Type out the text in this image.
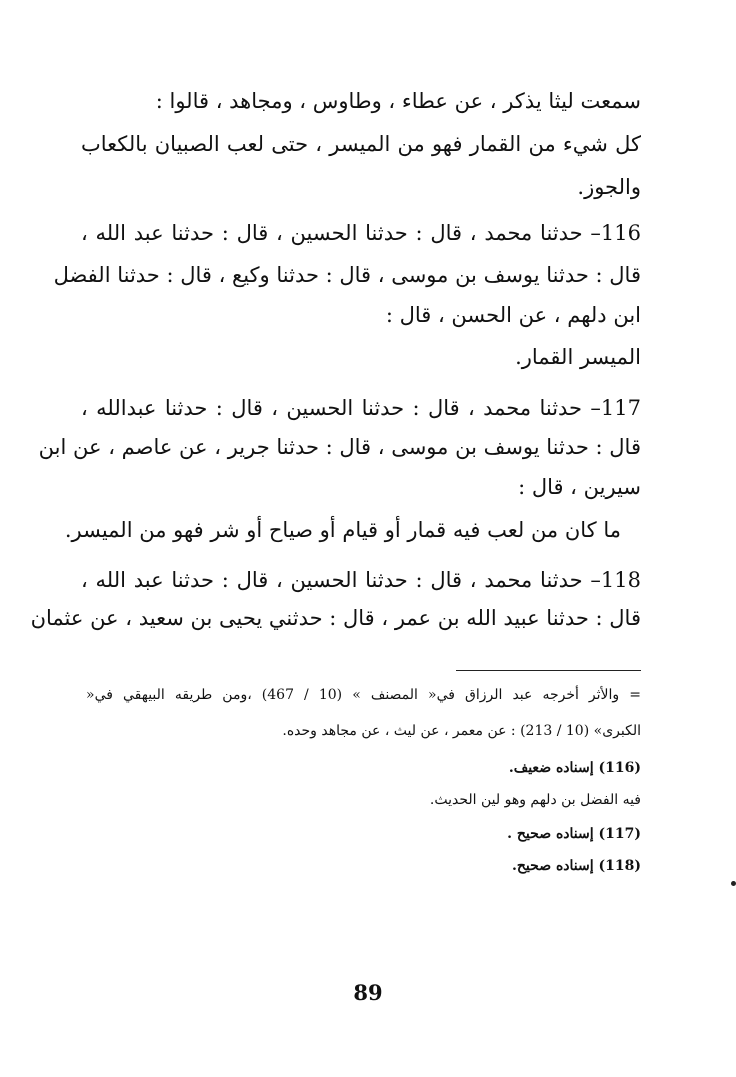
سمعت ليثا يذكر ، عن عطاء ، وطاوس ، ومجاهد ، قالوا :
كل شيء من القمار فهو من الميسر ، حتى لعب الصبيان بالكعاب
والجوز.
116– حدثنا محمد ، قال : حدثنا الحسين ، قال : حدثنا عبد الله ،
قال : حدثنا يوسف بن موسى ، قال : حدثنا وكيع ، قال : حدثنا الفضل
ابن دلهم ، عن الحسن ، قال :
الميسر القمار.
117– حدثنا محمد ، قال : حدثنا الحسين ، قال : حدثنا عبدالله ،
قال : حدثنا يوسف بن موسى ، قال : حدثنا جرير ، عن عاصم ، عن ابن
سيرين ، قال :
ما كان من لعب فيه قمار أو قيام أو صياح أو شر فهو من الميسر.
118– حدثنا محمد ، قال : حدثنا الحسين ، قال : حدثنا عبد الله ،
قال : حدثنا عبيد الله بن عمر ، قال : حدثني يحيى بن سعيد ، عن عثمان
= والأثر أخرجه عبد الرزاق في« المصنف » (10 / 467) ،ومن طريقه البيهقي في«
الكبرى» (10 / 213) : عن معمر ، عن ليث ، عن مجاهد وحده.
(116) إسناده ضعيف.
فيه الفضل بن دلهم وهو لين الحديث.
(117) إسناده صحيح .
(118) إسناده صحيح.
89
